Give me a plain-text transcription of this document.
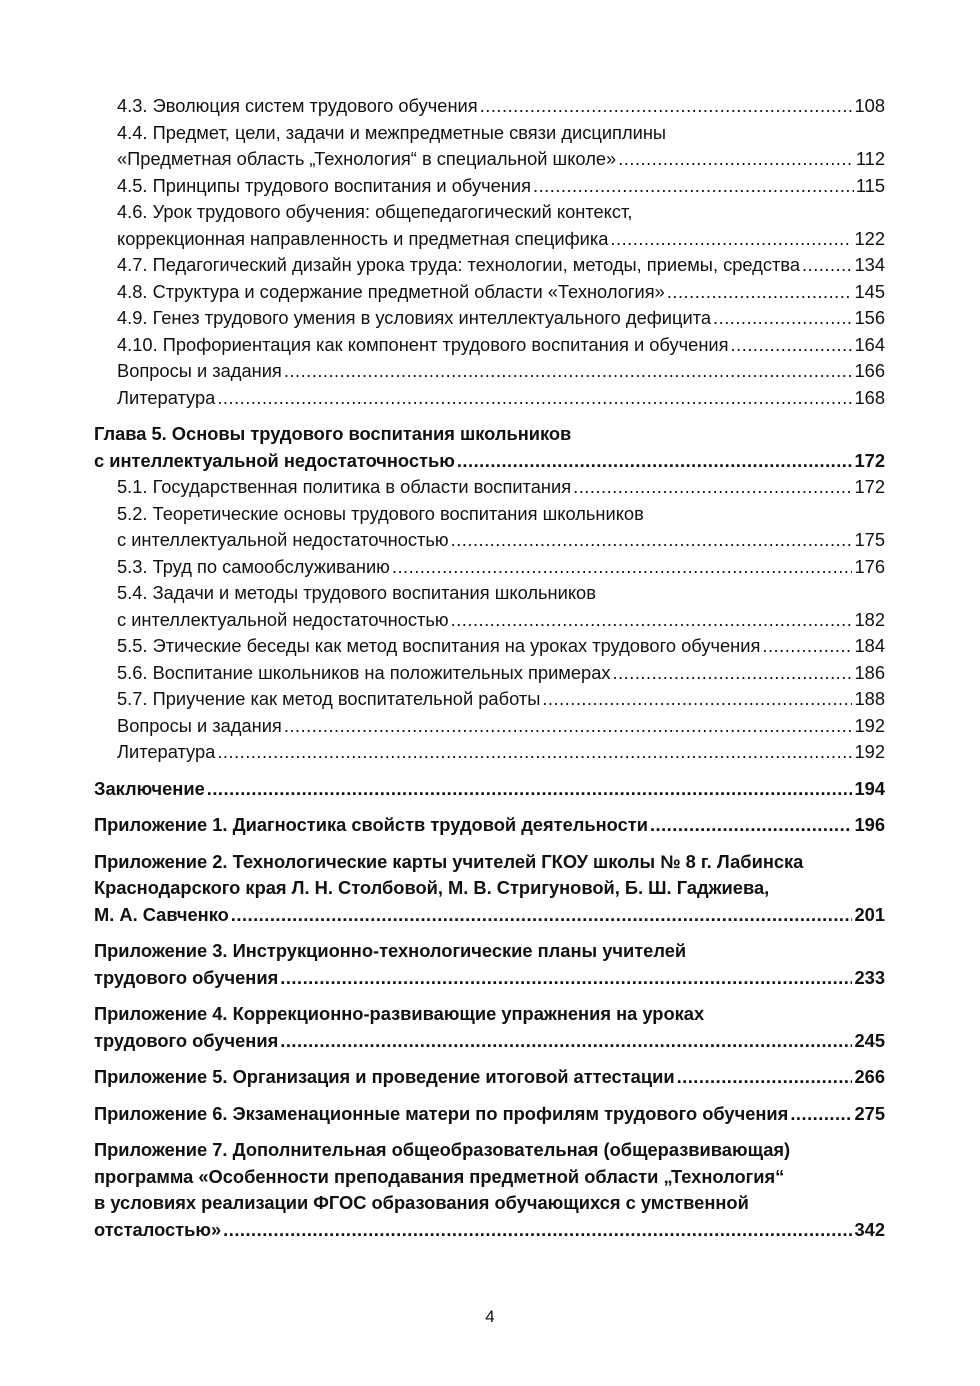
4.3. Эволюция систем трудового обучения .....	108
4.4. Предмет, цели, задачи и межпредметные связи дисциплины
«Предметная область „Технология“ в специальной школе» .....	112
4.5. Принципы трудового воспитания и обучения .....	115
4.6. Урок трудового обучения: общепедагогический контекст,
коррекционная направленность и предметная специфика .....	122
4.7. Педагогический дизайн урока труда: технологии, методы, приемы, средства .....	134
4.8. Структура и содержание предметной области «Технология» .....	145
4.9. Генез трудового умения в условиях интеллектуального дефицита .....	156
4.10. Профориентация как компонент трудового воспитания и обучения .....	164
Вопросы и задания .....	166
Литература .....	168
Глава 5. Основы трудового воспитания школьников
с интеллектуальной недостаточностью .....	172
5.1. Государственная политика в области воспитания .....	172
5.2. Теоретические основы трудового воспитания школьников
с интеллектуальной недостаточностью .....	175
5.3. Труд по самообслуживанию .....	176
5.4. Задачи и методы трудового воспитания школьников
с интеллектуальной недостаточностью .....	182
5.5. Этические беседы как метод воспитания на уроках трудового обучения .....	184
5.6. Воспитание школьников на положительных примерах .....	186
5.7. Приучение как метод воспитательной работы .....	188
Вопросы и задания .....	192
Литература .....	192
Заключение .....	194
Приложение 1. Диагностика свойств трудовой деятельности .....	196
Приложение 2. Технологические карты учителей ГКОУ школы № 8 г. Лабинска
Краснодарского края Л. Н. Столбовой, М. В. Стригуновой, Б. Ш. Гаджиева,
М. А. Савченко .....	201
Приложение 3. Инструкционно-технологические планы учителей
трудового обучения .....	233
Приложение 4. Коррекционно-развивающие упражнения на уроках
трудового обучения .....	245
Приложение 5. Организация и проведение итоговой аттестации .....	266
Приложение 6. Экзаменационные матери по профилям трудового обучения .....	275
Приложение 7. Дополнительная общеобразовательная (общеразвивающая)
программа «Особенности преподавания предметной области „Технология“
в условиях реализации ФГОС образования обучающихся с умственной
отсталостью» .....	342
4
